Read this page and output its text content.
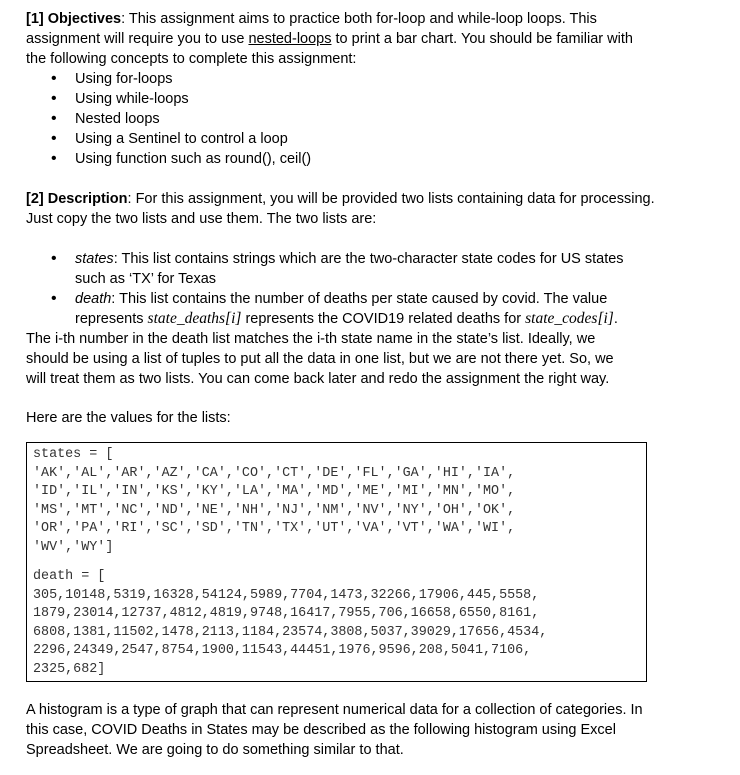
[1] Objectives: This assignment aims to practice both for-loop and while-loop loops. This assignment will require you to use nested-loops to print a bar chart. You should be familiar with the following concepts to complete this assignment:

• Using for-loops
• Using while-loops
• Nested loops
• Using a Sentinel to control a loop
• Using function such as round(), ceil()

[2] Description: For this assignment, you will be provided two lists containing data for processing. Just copy the two lists and use them. The two lists are:

• states: This list contains strings which are the two-character state codes for US states such as ‘TX’ for Texas
• death: This list contains the number of deaths per state caused by covid. The value represents state_deaths[i] represents the COVID19 related deaths for state_codes[i].

The i-th number in the death list matches the i-th state name in the state’s list. Ideally, we should be using a list of tuples to put all the data in one list, but we are not there yet. So, we will treat them as two lists. You can come back later and redo the assignment the right way.

Here are the values for the lists:

states = [
'AK','AL','AR','AZ','CA','CO','CT','DE','FL','GA','HI','IA',
'ID','IL','IN','KS','KY','LA','MA','MD','ME','MI','MN','MO',
'MS','MT','NC','ND','NE','NH','NJ','NM','NV','NY','OH','OK',
'OR','PA','RI','SC','SD','TN','TX','UT','VA','VT','WA','WI',
'WV','WY']
death = [
305,10148,5319,16328,54124,5989,7704,1473,32266,17906,445,5558,
1879,23014,12737,4812,4819,9748,16417,7955,706,16658,6550,8161,
6808,1381,11502,1478,2113,1184,23574,3808,5037,39029,17656,4534,
2296,24349,2547,8754,1900,11543,44451,1976,9596,208,5041,7106,
2325,682]

A histogram is a type of graph that can represent numerical data for a collection of categories. In this case, COVID Deaths in States may be described as the following histogram using Excel Spreadsheet. We are going to do something similar to that.
